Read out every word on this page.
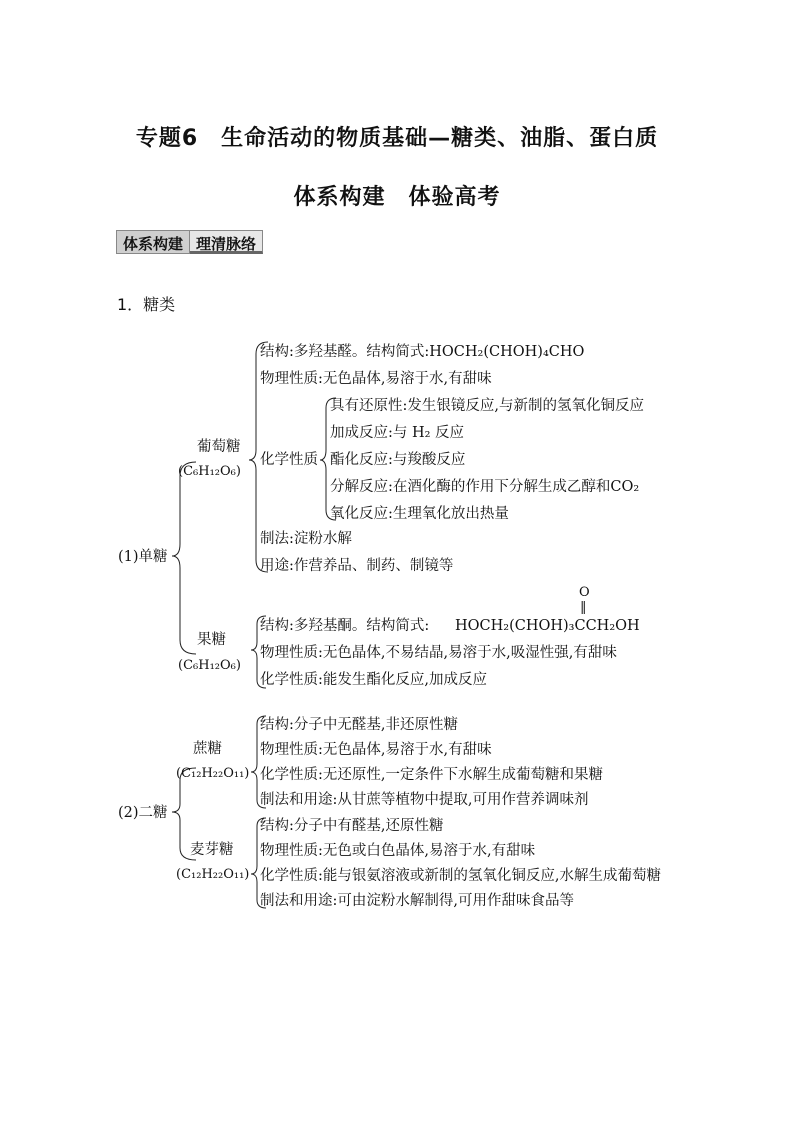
专题6　生命活动的物质基础—糖类、油脂、蛋白质
体系构建　体验高考
体系构建 理清脉络
1．糖类
(1)单糖
葡萄糖
(C₆H₁₂O₆)
结构:多羟基醛。结构简式:HOCH₂(CHOH)₄CHO
物理性质:无色晶体,易溶于水,有甜味
化学性质
具有还原性:发生银镜反应,与新制的氢氧化铜反应
加成反应:与 H₂ 反应
酯化反应:与羧酸反应
分解反应:在酒化酶的作用下分解生成乙醇和CO₂
氧化反应:生理氧化放出热量
制法:淀粉水解
用途:作营养品、制药、制镜等
果糖
(C₆H₁₂O₆)
O
‖
结构:多羟基酮。结构简式: HOCH₂(CHOH)₃CCH₂OH
物理性质:无色晶体,不易结晶,易溶于水,吸湿性强,有甜味
化学性质:能发生酯化反应,加成反应
(2)二糖
蔗糖
(C₁₂H₂₂O₁₁)
结构:分子中无醛基,非还原性糖
物理性质:无色晶体,易溶于水,有甜味
化学性质:无还原性,一定条件下水解生成葡萄糖和果糖
制法和用途:从甘蔗等植物中提取,可用作营养调味剂
麦芽糖
(C₁₂H₂₂O₁₁)
结构:分子中有醛基,还原性糖
物理性质:无色或白色晶体,易溶于水,有甜味
化学性质:能与银氨溶液或新制的氢氧化铜反应,水解生成葡萄糖
制法和用途:可由淀粉水解制得,可用作甜味食品等
